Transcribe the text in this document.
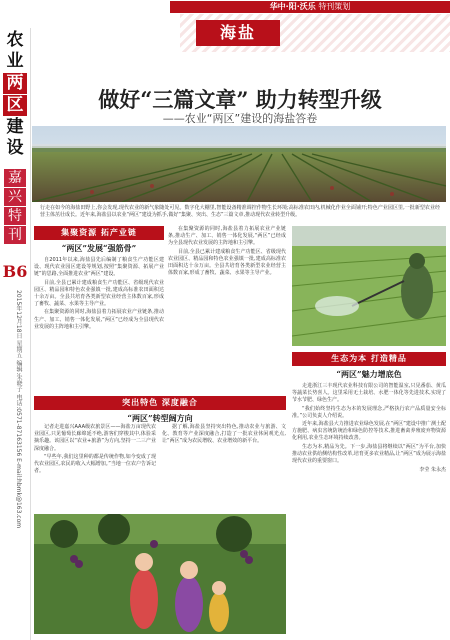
华中·阳·沃乐 特刊策划
海盐
农
业
两
区
建
设
嘉
兴
特
刊
B6
2015年12月18日 星期五 编辑:朱晓子 电话:0571-87163156 E-mail:hbmk@163.com
做好“三篇文章” 助力转型升级
——农业“两区”建设的海盐答卷
行走在如今的海盐田野上,你会发现,现代农业的新气象随处可见。数字化大棚里,智能设备精准调控作物生长环境;高标准农田内,机械化作业全面铺开;特色产业园区里,一批新型农业经营主体茁壮成长。近年来,海盐县以农业“两区”建设为抓手,做好“集聚、突出、生态”三篇文章,推动现代农业转型升级。
集聚资源 拓产业链
“两区”发展“强筋骨”

自2011年以来,海盐县先后编制了粮食生产功能区建设、现代农业园区建设等规划,按照“集聚资源、拓展产业链”的思路,全面推进农业“两区”建设。

目前,全县已累计建成粮食生产功能区、省级现代农业园区、精品园和特色农业强镇一批,建成高标准农田面积达十余万亩。全县共培育各类新型农业经营主体数百家,形成了畜牧、蔬菜、水果等主导产业。

在集聚资源的同时,海盐县着力拓展农业产业链条,推动生产、加工、销售一体化发展,“两区”已经成为全县现代农业发展的主阵地和主引擎。

在集聚资源的同时,海盐县着力拓展农业产业链条,推动生产、加工、销售一体化发展,“两区”已经成为全县现代农业发展的主阵地和主引擎。

目前,全县已累计建成粮食生产功能区、省级现代农业园区、精品园和特色农业强镇一批,建成高标准农田面积达十余万亩。全县共培育各类新型农业经营主体数百家,形成了畜牧、蔬菜、水果等主导产业。

突出特色 深度融合
“两区”转型阔方向

记者走进嘉兴AAA级农旅景区——海盐万亩现代农业园区,只见葡萄长廊绵延不绝,游客们穿梭其中,体验采摘乐趣。该园区以“农业+旅游”为方向,坚持一二三产业深度融合。

“早些年,我们这里种的都是传统作物,如今变成了现代农业园区,农民的收入大幅增加。”当地一位农户告诉记者。

据了解,海盐县坚持突出特色,推动农业与旅游、文化、教育等产业深度融合,打造了一批农业休闲观光点,让“两区”成为农民增收、农业增效的新平台。

生态为本 打造精品
“两区”魅力增底色

走进浙江三丰现代农业科技有限公司的智能温室,只见番茄、黄瓜等蔬菜长势喜人。这里采用无土栽培、水肥一体化等先进技术,实现了节水节肥、绿色生产。

“我们始终坚持生态为本的发展理念,严格执行农产品质量安全标准。”公司负责人介绍说。

近年来,海盐县大力推进农业绿色发展,在“两区”建设中推广测土配方施肥、病虫害统防统治和绿色防控等技术,推进畜禽养殖废弃物资源化利用,农业生态环境持续改善。

生态为本,精品为先。下一步,海盐县将继续以“两区”为平台,加快推动农业供给侧结构性改革,培育更多农业精品,让“两区”成为展示海盐现代农业的重要窗口。

李莹 朱永杰
